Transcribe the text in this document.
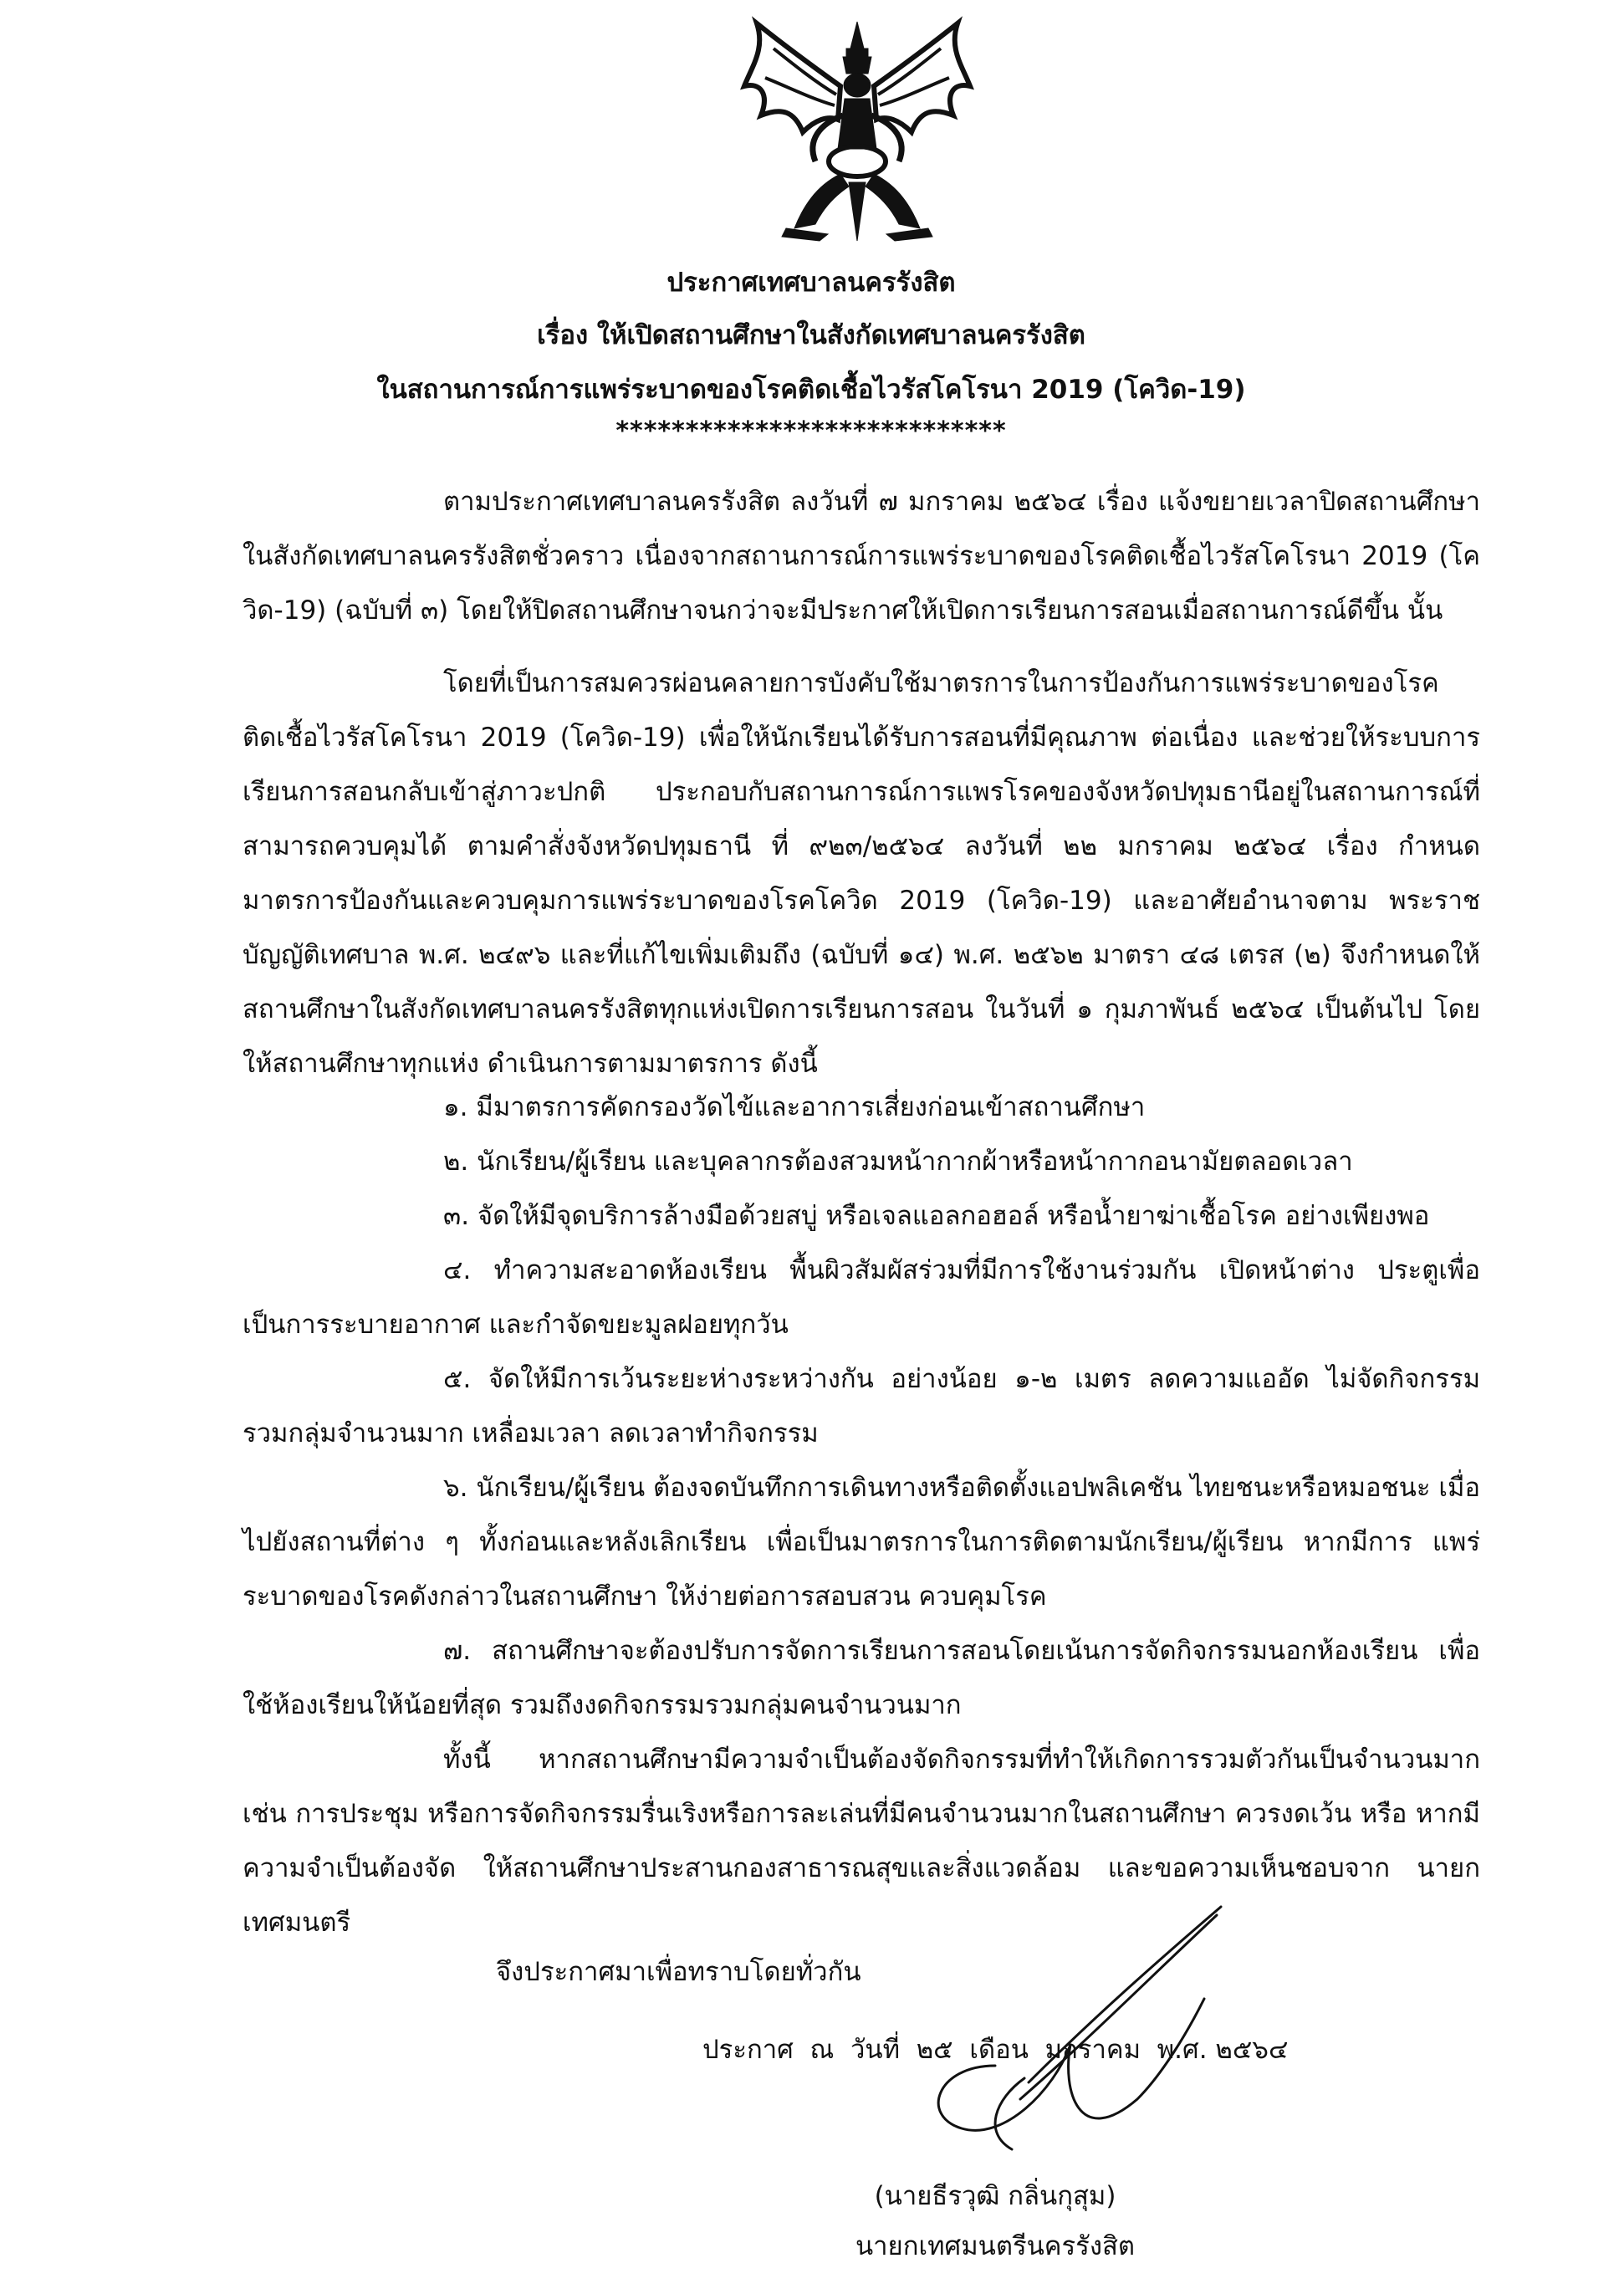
ประกาศเทศบาลนครรังสิต
เรื่อง ให้เปิดสถานศึกษาในสังกัดเทศบาลนครรังสิต
ในสถานการณ์การแพร่ระบาดของโรคติดเชื้อไวรัสโคโรนา 2019 (โควิด-19)
****************************
ตามประกาศเทศบาลนครรังสิต ลงวันที่ ๗ มกราคม ๒๕๖๔ เรื่อง แจ้งขยายเวลาปิดสถานศึกษา ในสังกัดเทศบาลนครรังสิตชั่วคราว เนื่องจากสถานการณ์การแพร่ระบาดของโรคติดเชื้อไวรัสโคโรนา 2019 (โควิด-19) (ฉบับที่ ๓) โดยให้ปิดสถานศึกษาจนกว่าจะมีประกาศให้เปิดการเรียนการสอนเมื่อสถานการณ์ดีขึ้น นั้น
โดยที่เป็นการสมควรผ่อนคลายการบังคับใช้มาตรการในการป้องกันการแพร่ระบาดของโรค ติดเชื้อไวรัสโคโรนา 2019 (โควิด-19) เพื่อให้นักเรียนได้รับการสอนที่มีคุณภาพ ต่อเนื่อง และช่วยให้ระบบการ เรียนการสอนกลับเข้าสู่ภาวะปกติ ประกอบกับสถานการณ์การแพรโรคของจังหวัดปทุมธานีอยู่ในสถานการณ์ที่ สามารถควบคุมได้ ตามคำสั่งจังหวัดปทุมธานี ที่ ๙๒๓/๒๕๖๔ ลงวันที่ ๒๒ มกราคม ๒๕๖๔ เรื่อง กำหนด มาตรการป้องกันและควบคุมการแพร่ระบาดของโรคโควิด 2019 (โควิด-19) และอาศัยอำนาจตาม พระราชบัญญัติเทศบาล พ.ศ. ๒๔๙๖ และที่แก้ไขเพิ่มเติมถึง (ฉบับที่ ๑๔) พ.ศ. ๒๕๖๒ มาตรา ๔๘ เตรส (๒) จึงกำหนดให้สถานศึกษาในสังกัดเทศบาลนครรังสิตทุกแห่งเปิดการเรียนการสอน ในวันที่ ๑ กุมภาพันธ์ ๒๕๖๔ เป็นต้นไป โดยให้สถานศึกษาทุกแห่ง ดำเนินการตามมาตรการ ดังนี้
๑. มีมาตรการคัดกรองวัดไข้และอาการเสี่ยงก่อนเข้าสถานศึกษา
๒. นักเรียน/ผู้เรียน และบุคลากรต้องสวมหน้ากากผ้าหรือหน้ากากอนามัยตลอดเวลา
๓. จัดให้มีจุดบริการล้างมือด้วยสบู่ หรือเจลแอลกอฮอล์ หรือน้ำยาฆ่าเชื้อโรค อย่างเพียงพอ
๔. ทำความสะอาดห้องเรียน พื้นผิวสัมผัสร่วมที่มีการใช้งานร่วมกัน เปิดหน้าต่าง ประตูเพื่อ เป็นการระบายอากาศ และกำจัดขยะมูลฝอยทุกวัน
๕. จัดให้มีการเว้นระยะห่างระหว่างกัน อย่างน้อย ๑-๒ เมตร ลดความแออัด ไม่จัดกิจกรรม รวมกลุ่มจำนวนมาก เหลื่อมเวลา ลดเวลาทำกิจกรรม
๖. นักเรียน/ผู้เรียน ต้องจดบันทึกการเดินทางหรือติดตั้งแอปพลิเคชัน ไทยชนะหรือหมอชนะ เมื่อไปยังสถานที่ต่าง ๆ ทั้งก่อนและหลังเลิกเรียน เพื่อเป็นมาตรการในการติดตามนักเรียน/ผู้เรียน หากมีการ แพร่ระบาดของโรคดังกล่าวในสถานศึกษา ให้ง่ายต่อการสอบสวน ควบคุมโรค
๗. สถานศึกษาจะต้องปรับการจัดการเรียนการสอนโดยเน้นการจัดกิจกรรมนอกห้องเรียน เพื่อใช้ห้องเรียนให้น้อยที่สุด รวมถึงงดกิจกรรมรวมกลุ่มคนจำนวนมาก
ทั้งนี้ หากสถานศึกษามีความจำเป็นต้องจัดกิจกรรมที่ทำให้เกิดการรวมตัวกันเป็นจำนวนมาก เช่น การประชุม หรือการจัดกิจกรรมรื่นเริงหรือการละเล่นที่มีคนจำนวนมากในสถานศึกษา ควรงดเว้น หรือ หากมีความจำเป็นต้องจัด ให้สถานศึกษาประสานกองสาธารณสุขและสิ่งแวดล้อม และขอความเห็นชอบจาก นายกเทศมนตรี
จึงประกาศมาเพื่อทราบโดยทั่วกัน
ประกาศ  ณ  วันที่  ๒๕  เดือน  มกราคม  พ.ศ. ๒๕๖๔
(นายธีรวุฒิ กลิ่นกุสุม)
นายกเทศมนตรีนครรังสิต
